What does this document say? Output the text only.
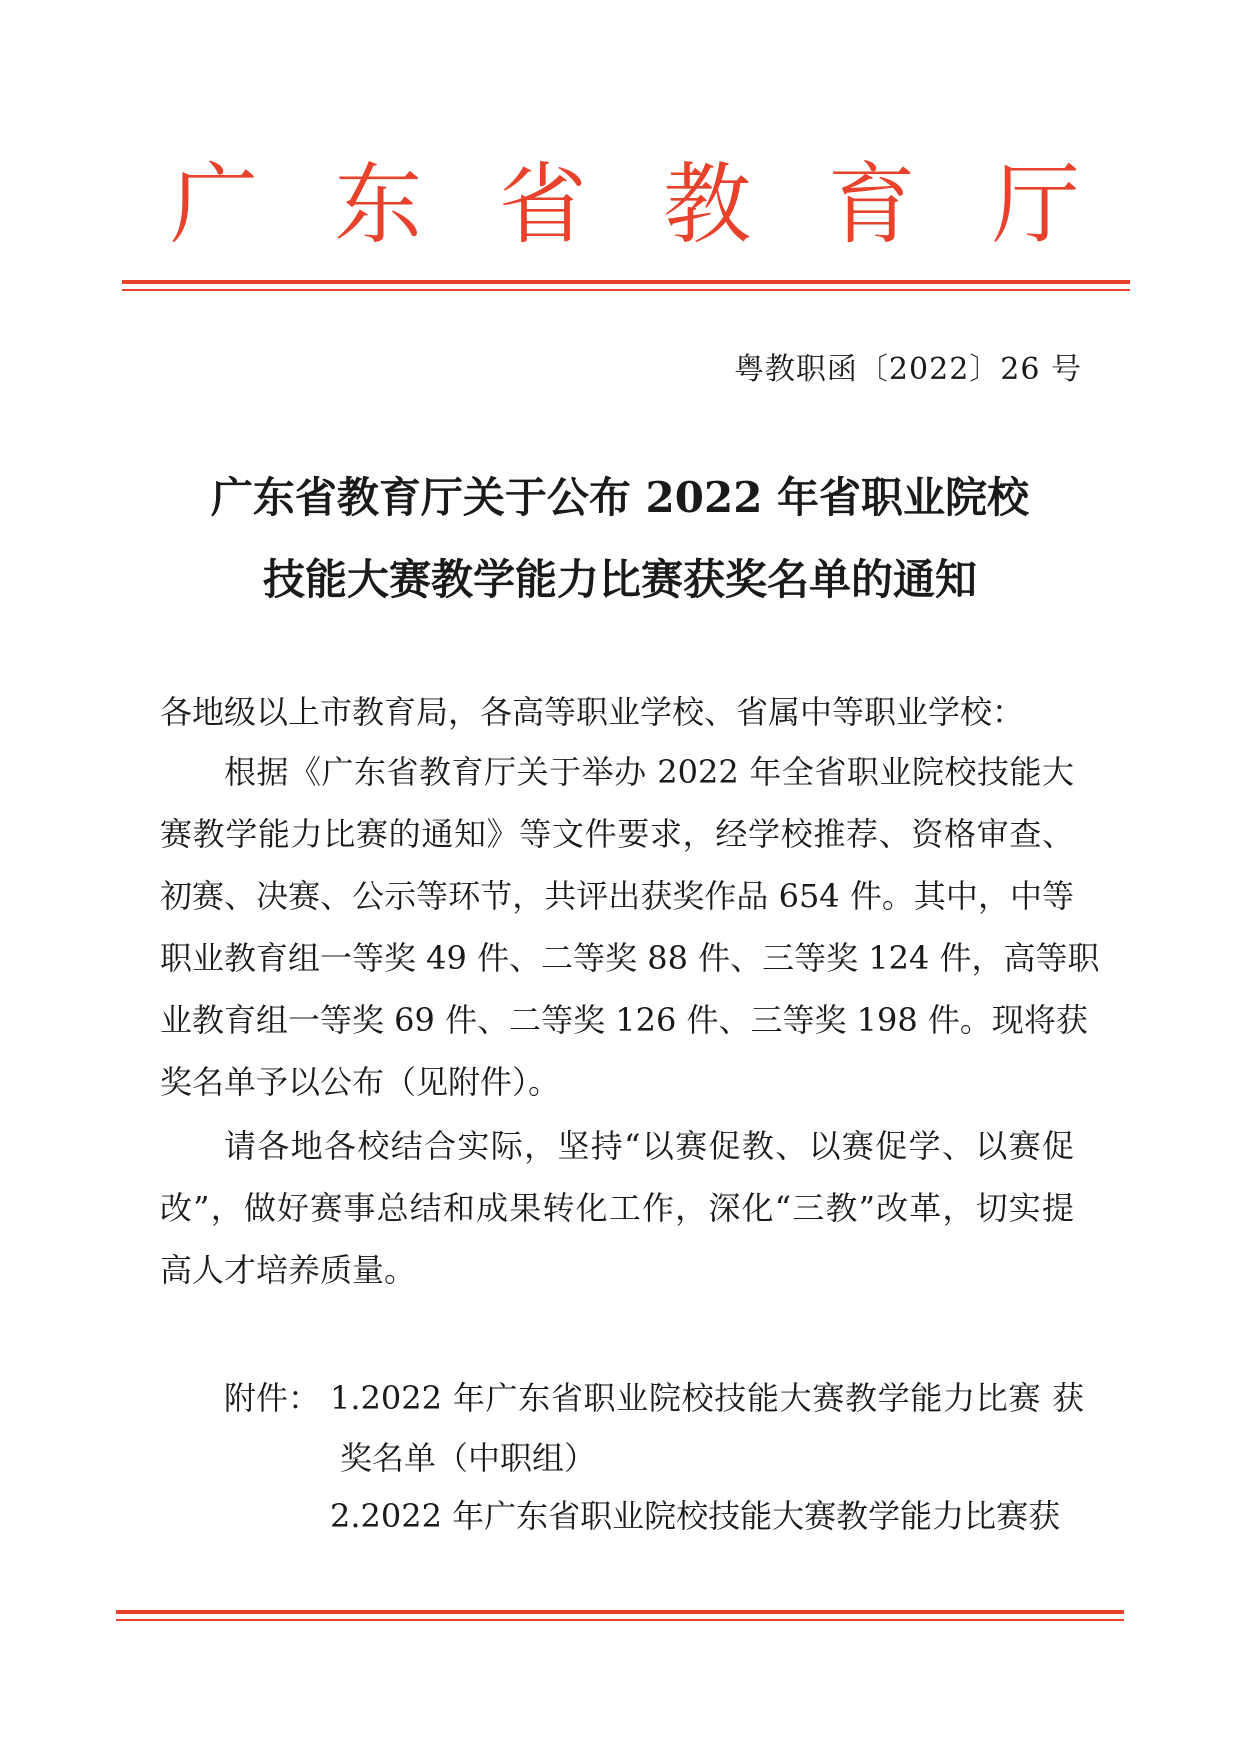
广 东 省 教 育 厅
粤教职函〔2022〕26 号
广东省教育厅关于公布 2022 年省职业院校
技能大赛教学能力比赛获奖名单的通知
各地级以上市教育局，各高等职业学校、省属中等职业学校：
根据《广东省教育厅关于举办 2022 年全省职业院校技能大
赛教学能力比赛的通知》等文件要求，经学校推荐、资格审查、
初赛、决赛、公示等环节，共评出获奖作品 654 件。其中，中等
职业教育组一等奖 49 件、二等奖 88 件、三等奖 124 件，高等职
业教育组一等奖 69 件、二等奖 126 件、三等奖 198 件。现将获
奖名单予以公布（见附件）。
请各地各校结合实际，坚持“以赛促教、以赛促学、以赛促
改”，做好赛事总结和成果转化工作，深化“三教”改革，切实提
高人才培养质量。
附件： 1.2022 年广东省职业院校技能大赛教学能力比赛 获
奖名单（中职组）
2.2022 年广东省职业院校技能大赛教学能力比赛获
